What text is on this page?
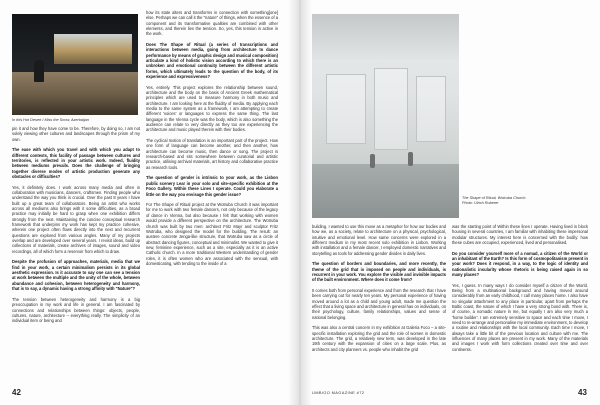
In this Hot Desert I Miss the Snow, Azerbaijan

pin it and how they have come to be. Therefore, by doing so, I am not solely viewing other cultures and landscapes through the prism of my own.

The ease with which you travel and with which you adapt to different contexts, this facility of passage between cultures and territories, is reflected in your artistic work. Indeed, fluidity between mediums prevails. Does the challenge of bringing together diverse modes of artistic production generate any obstacles or difficulties?

Yes, it definitely does. I work across many media and often in collaboration with musicians, dancers, craftsmen. Finding people who understand the way you think is crucial. Over the past 8 years I have built up a great team of collaborators. Being an artist who works across all mediums also brings with it some difficulties, as a broad practice may initially be hard to grasp when one exhibition differs strongly from the next. Maintaining the concise conceptual research framework that underpins my work has kept my practice cohesive, wherein one project often flows directly into the next and recurrent questions are explored from various angles. Many of my projects overlap and are developed over several years. I revisit ideas, build up collections of materials, create archives of images, sound and video recordings, all of which form a reservoir from which to draw.

Despite the profusion of approaches, materials, media that we find in your work, a certain minimalism persists in its global aesthetic expression. Is it accurate to say one can see a tension at work between the multiple and the unity of the whole, between abundance and cohesion, between heterogeneity and harmony, that is to say, a dynamic having a strong affinity with "Nature"?

The tension between heterogeneity and harmony is a big preoccupation in my work and life in general. I am fascinated by connections and relationships between things: objects, people, cultures, nature, architecture – everything really. The simplicity of an individual item or being and

how its state alters and transforms in connection with something[one] else. Perhaps we can call it the "nature" of things, when the essence of a component and its transformative qualities are combined with other elements, and therein lies the tension. So, yes, this tension is active in the work.

Does The Shape of Ritual (a series of transcriptions and interactions between media, going from architecture to dance performance by means of graphic design and musical composition) articulate a kind of holistic vision according to which there is an unbroken and emotional continuity between the different artistic forms, which ultimately leads to the question of the body, of its experience and expressiveness?

Yes, entirely. This project explores the relationship between sound, architecture and the body on the basis of Ancient Greek mathematical principles which are used to measure harmony in both music and architecture. I am looking here at the fluidity of media. By applying each media to the same system as a framework, I am attempting to create different 'voices' or languages to express the same thing. The last language in the Vienna cycle was the body, which is also something the audience can relate to very directly as they too are experiencing the architecture and music played therein with their bodies.

The cyclical motion of translation is an important part of the project. How one form of language can become another, and then another, how architecture can become music, then dance or song. The project is research-based and sits somewhere between curatorial and artistic practice, utilising archival materials, art history and collaborative practice as research tools.

The question of gender is intrinsic to your work, as the Lisbon public scenery Lear in your solo and site-specific exhibition at the Foco Gallery. Within these Lines I operate. Could you elaborate a little on the way you envisage this gender issue?

For The Shape of Ritual project at the Wotruba Church it was important for me to work with two female dancers, not only because of the legacy of dance in Vienna, but also because I felt that working with women would provide a different perspective on the architecture. The Wotruba church was built by two men: architect Fritz Mayr and sculptor Fritz Wotruba, who designed the model for the building. The result: an austere concrete Jenga-like structure, that Wotruba saw as a circle of abstract dancing figures, conceptual and minimalist. We wanted to give it new, feminine experience, such as a site, especially as it is an active Catholic church. In a more traditional Western understanding of gender roles, it is often women who are associated with the sensual, with domesticating, with tending to the inside of a

42
The Shape of Ritual, Wotruba Church.
Photo: Ulrich Ruberer

building. I wanted to use this move as a metaphor for how our bodies and how we, as a society, relate to architecture on a physical, psychological, intuitive and emotional level. How same concerns were explored in a different medium in my most recent solo exhibition in Lisbon. Working with installation and a female dancer, I employed domestic narratives and storytelling as tools for addressing gender divides in daily lives.

The question of borders and boundaries, and more recently, the theme of the grid that is imposed on people and individuals, is recurrent in your work. You explore the visible and invisible impacts of the built environment. Where does it come from?

It comes both from personal experience and from the research that I have been carrying out for nearly ten years. My personal experience of having moved around a lot as a child and young adult, made me question the effect that a living space and architecture in general has on individuals, on their psychology, culture, family relationships, values and sense of national belonging.

This was also a central concern in my exhibition at Galeria Foco – a site-specific installation exploring the grid and the role of women in domestic architecture. The grid, a relatively new term, was developed in the late 19th century with the expansion of cities on a large scale. Plus, as architects and city planners vs. people who inhabit the grid

was the starting point of Within these lines I operate. Having lived in block housing in several countries, I am familiar with inhabiting these impersonal modular structures. My interest here is concerned with the bodily: how these cubes are occupied, experienced, lived and personalised.

Do you consider yourself more of a nomad, a citizen of the World or an inhabitant of the Earth? Is this form of cosmopolitanism present in your work? Does it respond, in a way, to the logic of identity and nationalistic insularity whose rhetoric is being raised again in so many places?

Yes, I guess. In many ways I do consider myself a citizen of the World. Being from a multinational background and having moved around considerably from an early childhood, I call many places home. I also have no singular attachment to any place in particular, apart from perhaps the Baltic coast, the nature of which I have a very strong bond with. There is, of course, a nomadic nature in me, but equally I am also very much a 'home builder'. I am extremely sensitive to space and each time I move, I need to re-arrange and personalise my immediate environment, to develop a routine and relationships with the local community. Each time I move, I always take a little bit of the previous location and culture with me. The influences of many places are present in my work. Many of the materials and images I work with form collections created over time and over continents.

UMBIGO MAGAZINE #72	43
